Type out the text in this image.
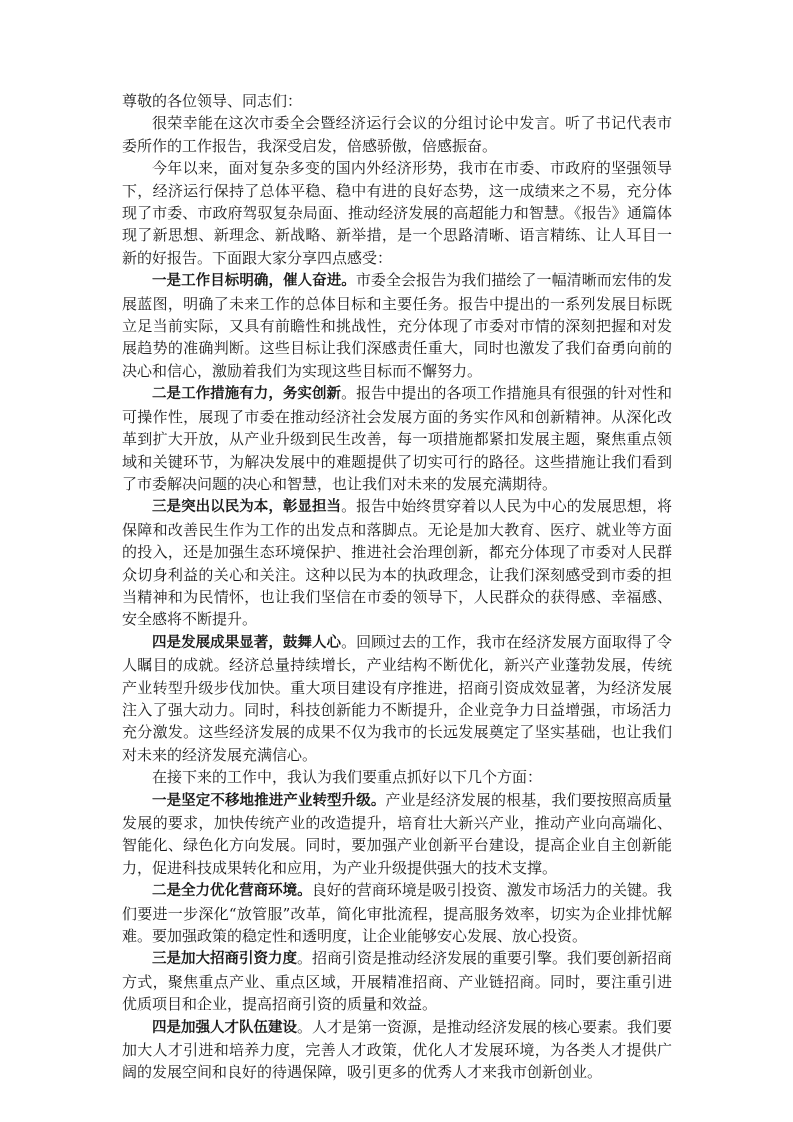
尊敬的各位领导、同志们：

很荣幸能在这次市委全会暨经济运行会议的分组讨论中发言。听了书记代表市委所作的工作报告，我深受启发，倍感骄傲，倍感振奋。

今年以来，面对复杂多变的国内外经济形势，我市在市委、市政府的坚强领导下，经济运行保持了总体平稳、稳中有进的良好态势，这一成绩来之不易，充分体现了市委、市政府驾驭复杂局面、推动经济发展的高超能力和智慧。《报告》通篇体现了新思想、新理念、新战略、新举措，是一个思路清晰、语言精练、让人耳目一新的好报告。下面跟大家分享四点感受：

一是工作目标明确，催人奋进。市委全会报告为我们描绘了一幅清晰而宏伟的发展蓝图，明确了未来工作的总体目标和主要任务。报告中提出的一系列发展目标既立足当前实际，又具有前瞻性和挑战性，充分体现了市委对市情的深刻把握和对发展趋势的准确判断。这些目标让我们深感责任重大，同时也激发了我们奋勇向前的决心和信心，激励着我们为实现这些目标而不懈努力。

二是工作措施有力，务实创新。报告中提出的各项工作措施具有很强的针对性和可操作性，展现了市委在推动经济社会发展方面的务实作风和创新精神。从深化改革到扩大开放，从产业升级到民生改善，每一项措施都紧扣发展主题，聚焦重点领域和关键环节，为解决发展中的难题提供了切实可行的路径。这些措施让我们看到了市委解决问题的决心和智慧，也让我们对未来的发展充满期待。

三是突出以民为本，彰显担当。报告中始终贯穿着以人民为中心的发展思想，将保障和改善民生作为工作的出发点和落脚点。无论是加大教育、医疗、就业等方面的投入，还是加强生态环境保护、推进社会治理创新，都充分体现了市委对人民群众切身利益的关心和关注。这种以民为本的执政理念，让我们深刻感受到市委的担当精神和为民情怀，也让我们坚信在市委的领导下，人民群众的获得感、幸福感、安全感将不断提升。

四是发展成果显著，鼓舞人心。回顾过去的工作，我市在经济发展方面取得了令人瞩目的成就。经济总量持续增长，产业结构不断优化，新兴产业蓬勃发展，传统产业转型升级步伐加快。重大项目建设有序推进，招商引资成效显著，为经济发展注入了强大动力。同时，科技创新能力不断提升，企业竞争力日益增强，市场活力充分激发。这些经济发展的成果不仅为我市的长远发展奠定了坚实基础，也让我们对未来的经济发展充满信心。

在接下来的工作中，我认为我们要重点抓好以下几个方面：

一是坚定不移地推进产业转型升级。产业是经济发展的根基，我们要按照高质量发展的要求，加快传统产业的改造提升，培育壮大新兴产业，推动产业向高端化、智能化、绿色化方向发展。同时，要加强产业创新平台建设，提高企业自主创新能力，促进科技成果转化和应用，为产业升级提供强大的技术支撑。

二是全力优化营商环境。良好的营商环境是吸引投资、激发市场活力的关键。我们要进一步深化“放管服”改革，简化审批流程，提高服务效率，切实为企业排忧解难。要加强政策的稳定性和透明度，让企业能够安心发展、放心投资。

三是加大招商引资力度。招商引资是推动经济发展的重要引擎。我们要创新招商方式，聚焦重点产业、重点区域，开展精准招商、产业链招商。同时，要注重引进优质项目和企业，提高招商引资的质量和效益。

四是加强人才队伍建设。人才是第一资源，是推动经济发展的核心要素。我们要加大人才引进和培养力度，完善人才政策，优化人才发展环境，为各类人才提供广阔的发展空间和良好的待遇保障，吸引更多的优秀人才来我市创新创业。
